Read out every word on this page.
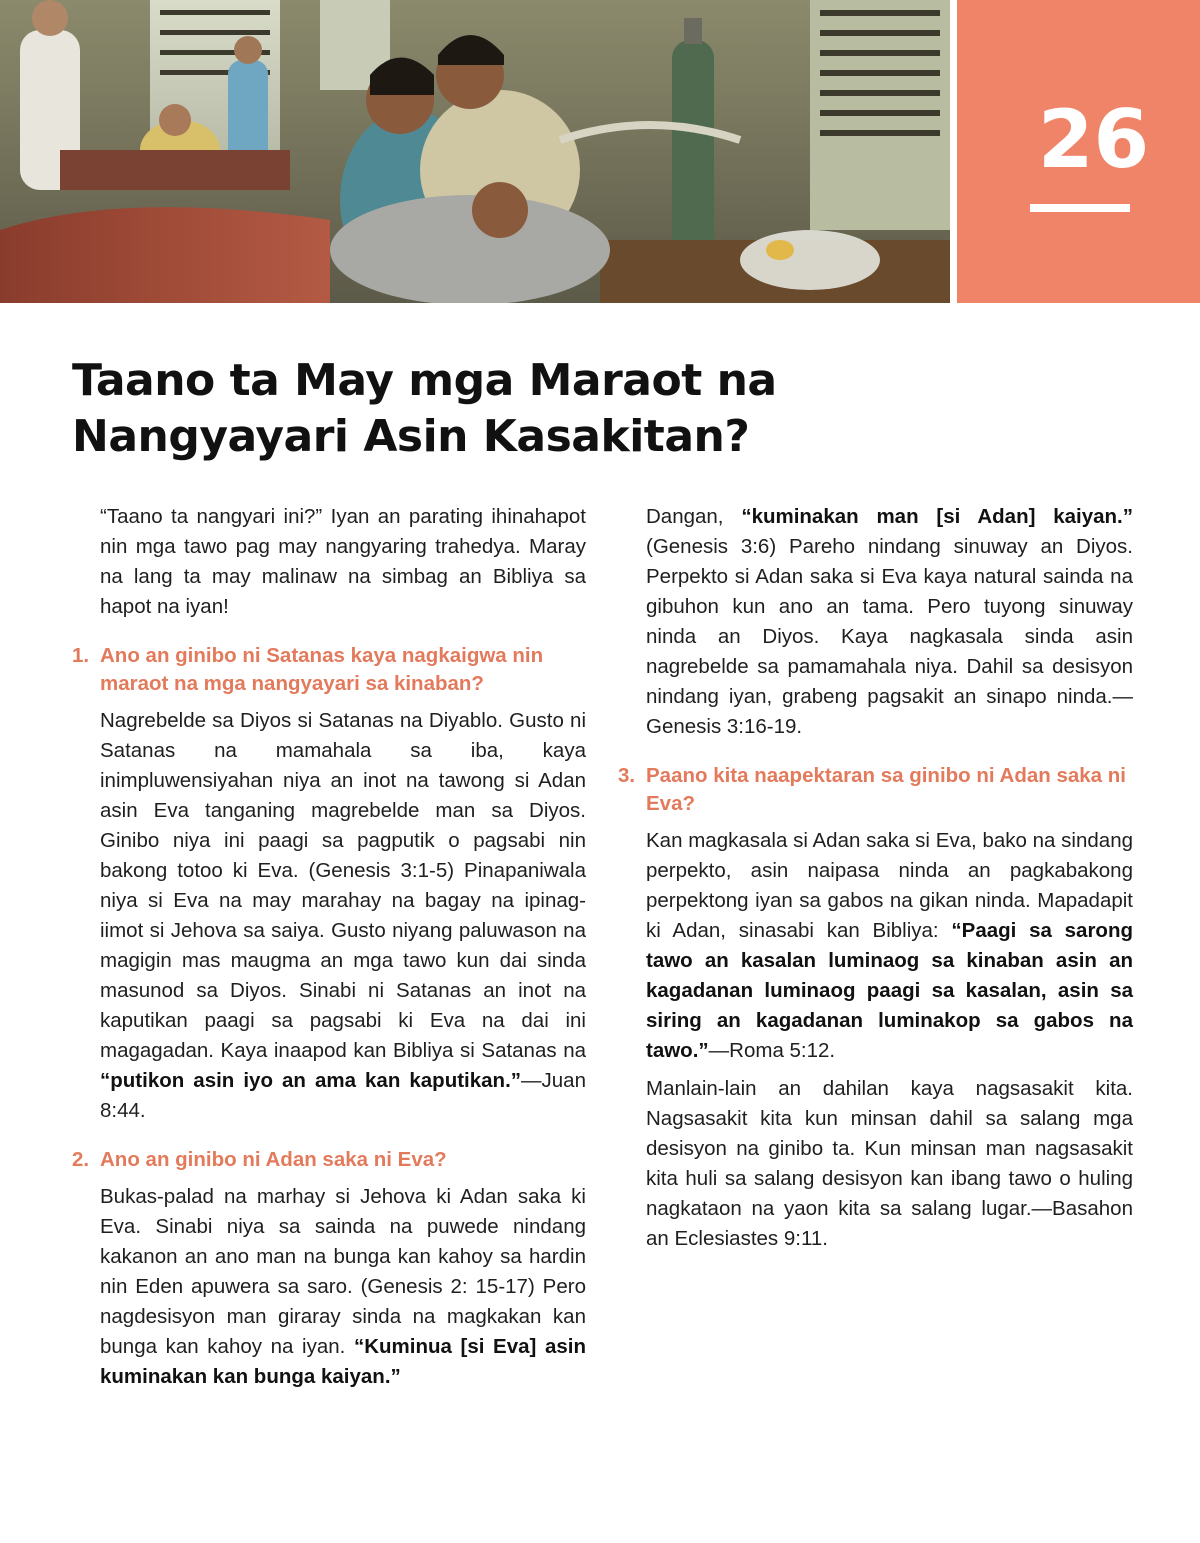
26
Taano ta May mga Maraot na Nangyayari Asin Kasakitan?

“Taano ta nangyari ini?” Iyan an parating ihinahapot nin mga tawo pag may nangyaring trahedya. Maray na lang ta may malinaw na simbag an Bibliya sa hapot na iyan!

1. Ano an ginibo ni Satanas kaya nagkaigwa nin maraot na mga nangyayari sa kinaban?

Nagrebelde sa Diyos si Satanas na Diyablo. Gusto ni Satanas na mamahala sa iba, kaya inimpluwensiyahan niya an inot na tawong si Adan asin Eva tanganing magrebelde man sa Diyos. Ginibo niya ini paagi sa pagputik o pagsabi nin bakong totoo ki Eva. (Genesis 3:1-5) Pinapaniwala niya si Eva na may marahay na bagay na ipinag-iimot si Jehova sa saiya. Gusto niyang paluwason na magigin mas maugma an mga tawo kun dai sinda masunod sa Diyos. Sinabi ni Satanas an inot na kaputikan paagi sa pagsabi ki Eva na dai ini magagadan. Kaya inaapod kan Bibliya si Satanas na “putikon asin iyo an ama kan kaputikan.”—Juan 8:44.

2. Ano an ginibo ni Adan saka ni Eva?

Bukas-palad na marhay si Jehova ki Adan saka ki Eva. Sinabi niya sa sainda na puwede nindang kakanon an ano man na bunga kan kahoy sa hardin nin Eden apuwera sa saro. (Genesis 2: 15-17) Pero nagdesisyon man giraray sinda na magkakan kan bunga kan kahoy na iyan. “Kuminua [si Eva] asin kuminakan kan bunga kaiyan.”

Dangan, “kuminakan man [si Adan] kaiyan.” (Genesis 3:6) Pareho nindang sinuway an Diyos. Perpekto si Adan saka si Eva kaya natural sainda na gibuhon kun ano an tama. Pero tuyong sinuway ninda an Diyos. Kaya nagkasala sinda asin nagrebelde sa pamamahala niya. Dahil sa desisyon nindang iyan, grabeng pagsakit an sinapo ninda.—Genesis 3:16-19.

3. Paano kita naapektaran sa ginibo ni Adan saka ni Eva?

Kan magkasala si Adan saka si Eva, bako na sindang perpekto, asin naipasa ninda an pagkabakong perpektong iyan sa gabos na gikan ninda. Mapadapit ki Adan, sinasabi kan Bibliya: “Paagi sa sarong tawo an kasalan luminaog sa kinaban asin an kagadanan luminaog paagi sa kasalan, asin sa siring an kagadanan luminakop sa gabos na tawo.”—Roma 5:12.

Manlain-lain an dahilan kaya nagsasakit kita. Nagsasakit kita kun minsan dahil sa salang mga desisyon na ginibo ta. Kun minsan man nagsasakit kita huli sa salang desisyon kan ibang tawo o huling nagkataon na yaon kita sa salang lugar.—Basahon an Eclesiastes 9:11.
